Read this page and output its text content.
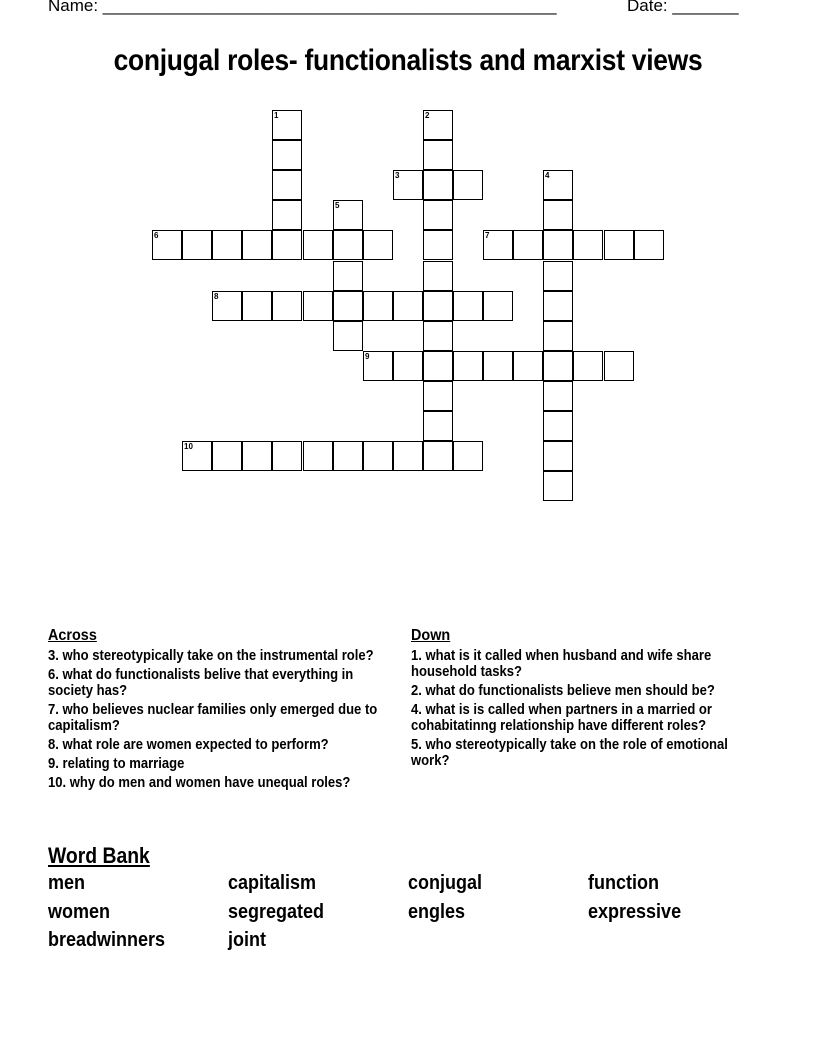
Name: ________________________________________________	Date: _______
conjugal roles- functionalists and marxist views
1	2
3	4
5
6	7
8
9
10
Across
3. who stereotypically take on the instrumental role?
6. what do functionalists belive that everything in society has?
7. who believes nuclear families only emerged due to capitalism?
8. what role are women expected to perform?
9. relating to marriage
10. why do men and women have unequal roles?
Down
1. what is it called when husband and wife share household tasks?
2. what do functionalists believe men should be?
4. what is is called when partners in a married or cohabitatinng relationship have different roles?
5. who stereotypically take on the role of emotional work?
Word Bank
men	capitalism	conjugal	function
women	segregated	engles	expressive
breadwinners	joint
